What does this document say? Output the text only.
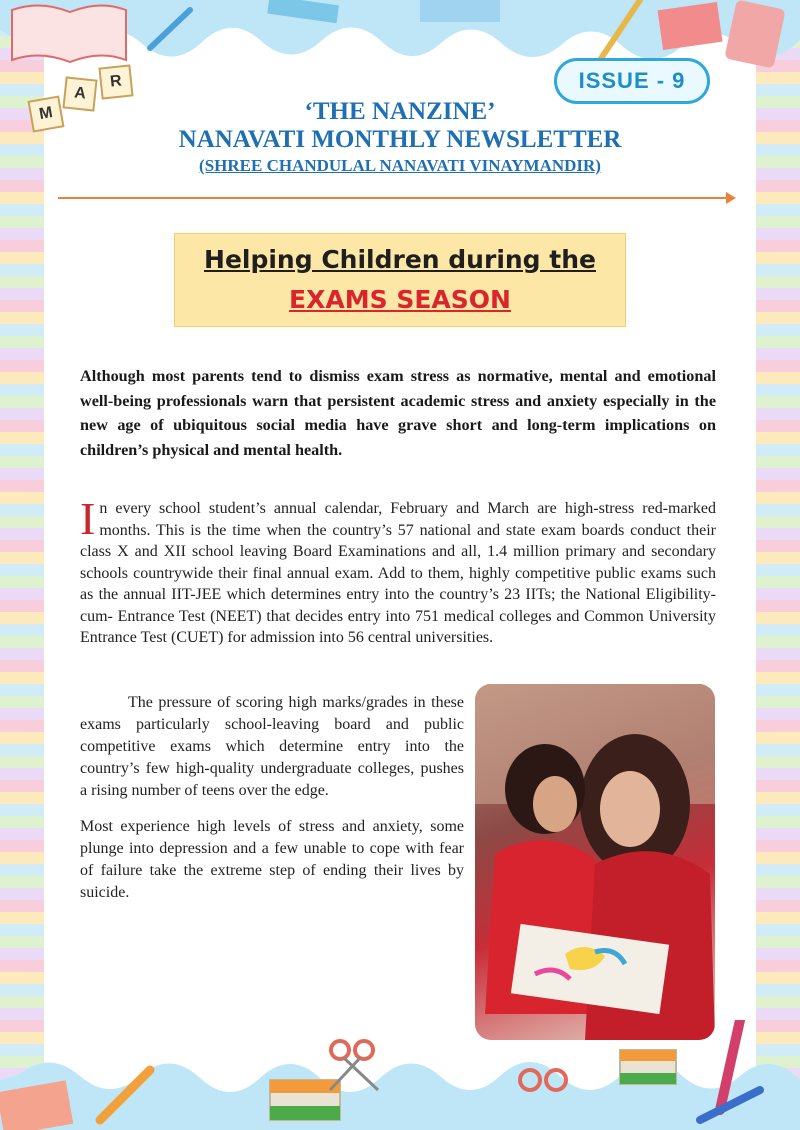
M
A
R	ISSUE - 9
‘THE NANZINE’
NANAVATI MONTHLY NEWSLETTER
(SHREE CHANDULAL NANAVATI VINAYMANDIR)
Helping Children during the
EXAMS SEASON
Although most parents tend to dismiss exam stress as normative, mental and emotional well-being professionals warn that persistent academic stress and anxiety especially in the new age of ubiquitous social media have grave short and long-term implications on children’s physical and mental health.
In every school student’s annual calendar, February and March are high-stress red-marked months. This is the time when the country’s 57 national and state exam boards conduct their class X and XII school leaving Board Examinations and all, 1.4 million primary and secondary schools countrywide their final annual exam. Add to them, highly competitive public exams such as the annual IIT-JEE which determines entry into the country’s 23 IITs; the National Eligibility- cum- Entrance Test (NEET) that decides entry into 751 medical colleges and Common University Entrance Test (CUET) for admission into 56 central universities.

The pressure of scoring high marks/grades in these exams particularly school-leaving board and public competitive exams which determine entry into the country’s few high-quality undergraduate colleges, pushes a rising number of teens over the edge.

Most experience high levels of stress and anxiety, some plunge into depression and a few unable to cope with fear of failure take the extreme step of ending their lives by suicide.
